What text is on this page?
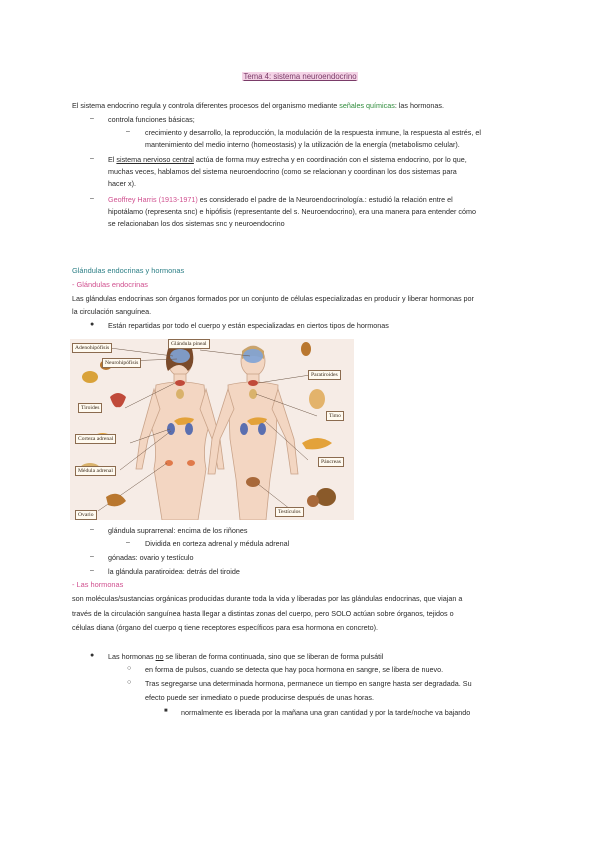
Tema 4: sistema neuroendocrino
El sistema endocrino regula y controla diferentes procesos del organismo mediante señales químicas: las hormonas.
– controla funciones básicas;
– crecimiento y desarrollo, la reproducción, la modulación de la respuesta inmune, la respuesta al estrés, el
mantenimiento del medio interno (homeostasis) y la utilización de la energía (metabolismo celular).
– El sistema nervioso central actúa de forma muy estrecha y en coordinación con el sistema endocrino, por lo que,
muchas veces, hablamos del sistema neuroendocrino (como se relacionan y coordinan los dos sistemas para
hacer x).
– Geoffrey Harris (1913-1971) es considerado el padre de la Neuroendocrinología.: estudió la relación entre el
hipotálamo (representa snc) e hipófisis (representante del s. Neuroendocrino), era una manera para entender cómo
se relacionaban los dos sistemas snc y neuroendocrino
Glándulas endocrinas y hormonas
- Glándulas endocrinas
Las glándulas endocrinas son órganos formados por un conjunto de células especializadas en producir y liberar hormonas por
la circulación sanguínea.
● Están repartidas por todo el cuerpo y están especializadas en ciertos tipos de hormonas
Adenohipófisis
Neurohipófisis
Glándula pineal
Paratiroides
Tiroides
Timo
Corteza adrenal
Páncreas
Médula adrenal
Ovario	Testículos
– glándula suprarrenal: encima de los riñones
– Dividida en corteza adrenal y médula adrenal
– gónadas: ovario y testículo
– la glándula paratiroidea: detrás del tiroide
- Las hormonas
son moléculas/sustancias orgánicas producidas durante toda la vida y liberadas por las glándulas endocrinas, que viajan a
través de la circulación sanguínea hasta llegar a distintas zonas del cuerpo, pero SOLO actúan sobre órganos, tejidos o
células diana (órgano del cuerpo q tiene receptores específicos para esa hormona en concreto).
● Las hormonas no se liberan de forma continuada, sino que se liberan de forma pulsátil
○ en forma de pulsos, cuando se detecta que hay poca hormona en sangre, se libera de nuevo.
○ Tras segregarse una determinada hormona, permanece un tiempo en sangre hasta ser degradada. Su
efecto puede ser inmediato o puede producirse después de unas horas.
■ normalmente es liberada por la mañana una gran cantidad y por la tarde/noche va bajando
